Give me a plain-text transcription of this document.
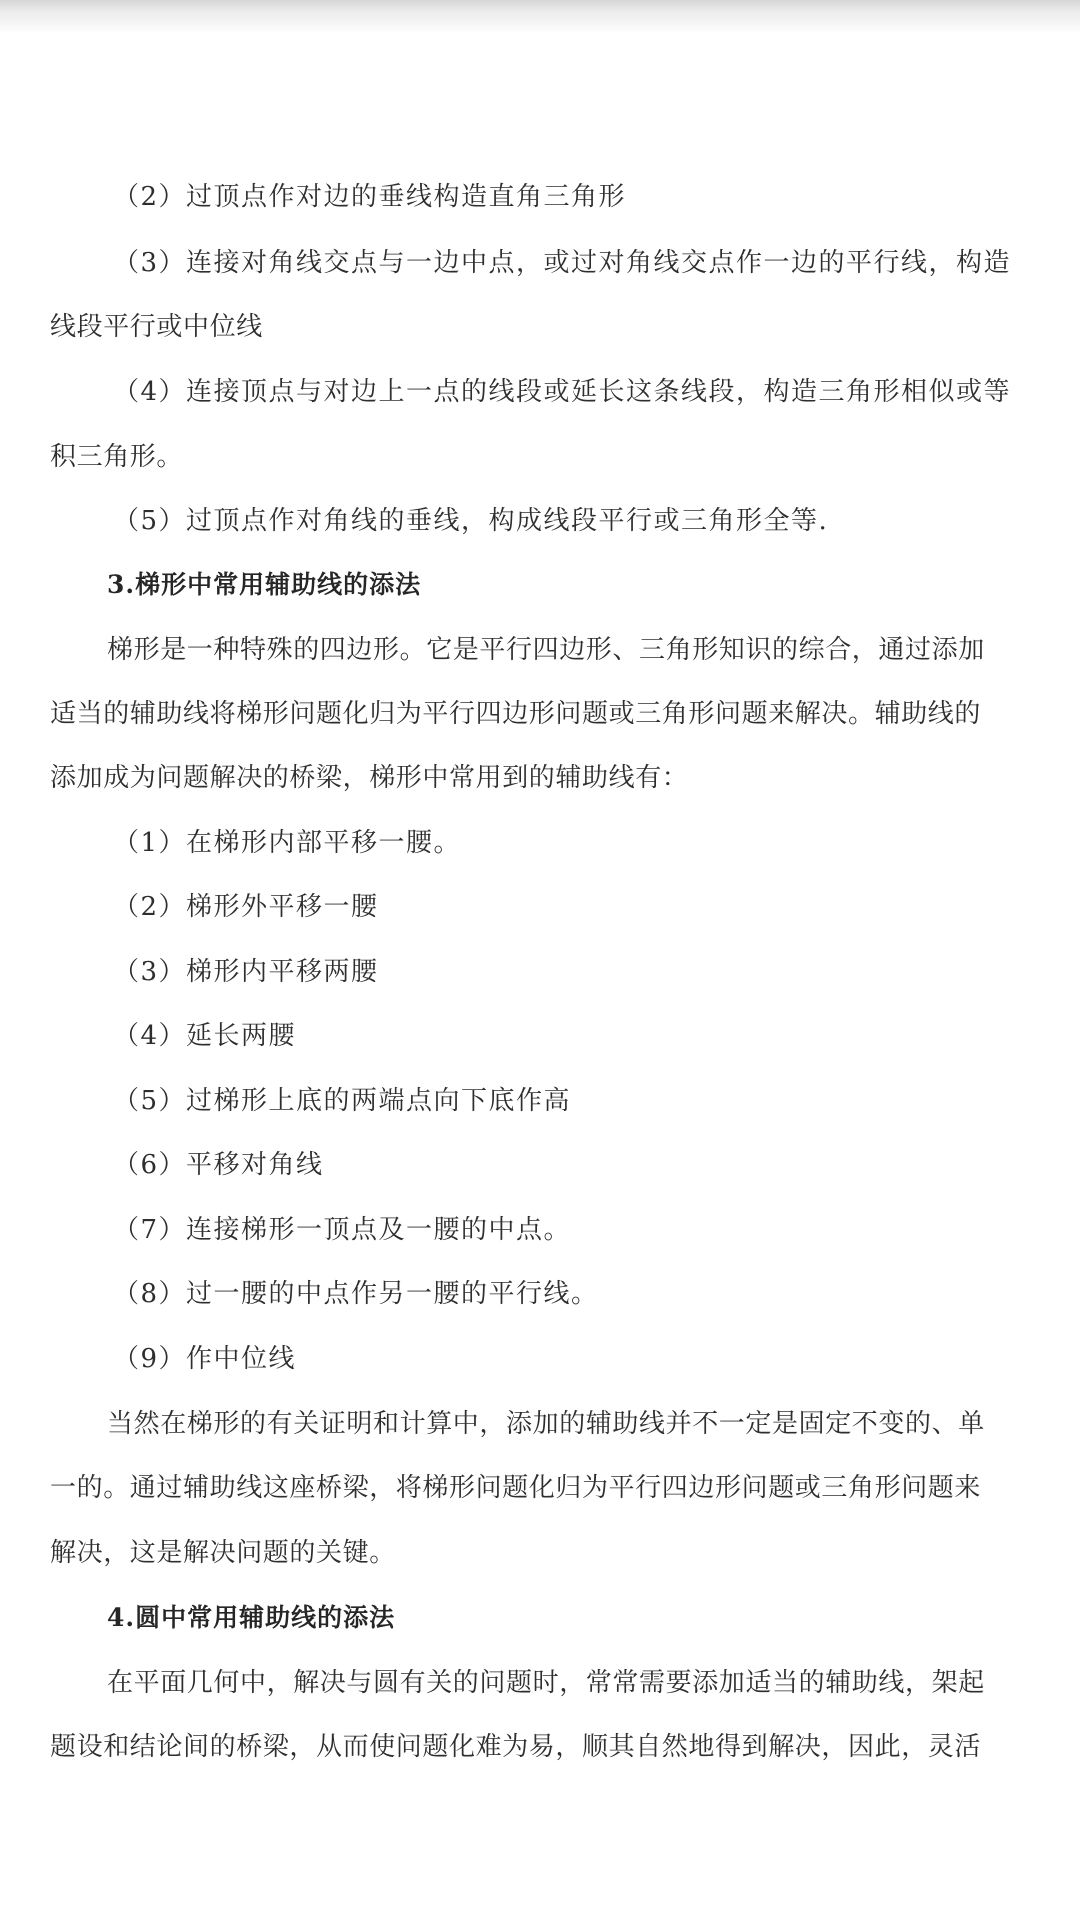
（2）过顶点作对边的垂线构造直角三角形
（3）连接对角线交点与一边中点，或过对角线交点作一边的平行线，构造
线段平行或中位线
（4）连接顶点与对边上一点的线段或延长这条线段，构造三角形相似或等
积三角形。
（5）过顶点作对角线的垂线，构成线段平行或三角形全等.
3.梯形中常用辅助线的添法
梯形是一种特殊的四边形。它是平行四边形、三角形知识的综合，通过添加
适当的辅助线将梯形问题化归为平行四边形问题或三角形问题来解决。辅助线的
添加成为问题解决的桥梁，梯形中常用到的辅助线有：
（1）在梯形内部平移一腰。
（2）梯形外平移一腰
（3）梯形内平移两腰
（4）延长两腰
（5）过梯形上底的两端点向下底作高
（6）平移对角线
（7）连接梯形一顶点及一腰的中点。
（8）过一腰的中点作另一腰的平行线。
（9）作中位线
当然在梯形的有关证明和计算中，添加的辅助线并不一定是固定不变的、单
一的。通过辅助线这座桥梁，将梯形问题化归为平行四边形问题或三角形问题来
解决，这是解决问题的关键。
4.圆中常用辅助线的添法
在平面几何中，解决与圆有关的问题时，常常需要添加适当的辅助线，架起
题设和结论间的桥梁，从而使问题化难为易，顺其自然地得到解决，因此，灵活
